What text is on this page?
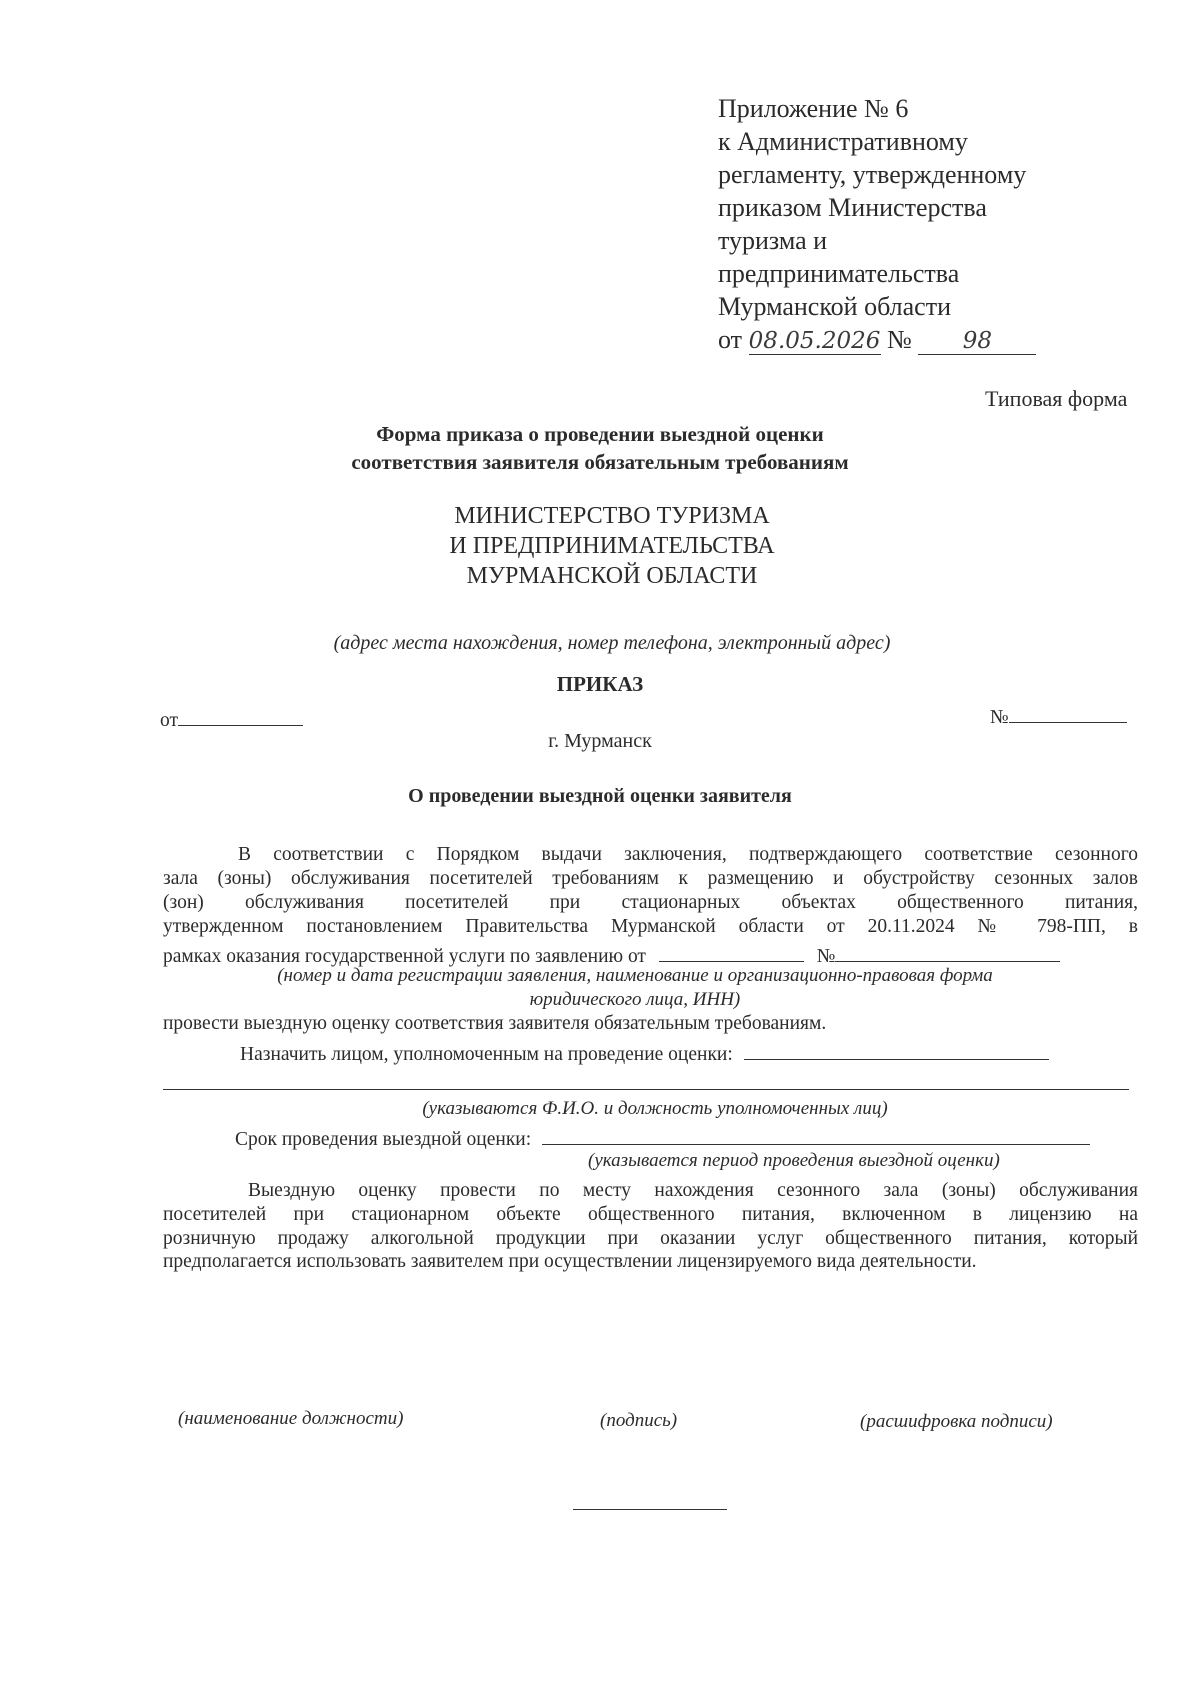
Приложение № 6
к Административному
регламенту, утвержденному
приказом Министерства
туризма и
предпринимательства
Мурманской области
от 08.05.2026 № 98
Типовая форма
Форма приказа о проведении выездной оценки
соответствия заявителя обязательным требованиям
МИНИСТЕРСТВО ТУРИЗМА
И ПРЕДПРИНИМАТЕЛЬСТВА
МУРМАНСКОЙ ОБЛАСТИ
(адрес места нахождения, номер телефона, электронный адрес)
ПРИКАЗ
от	№
г. Мурманск
О проведении выездной оценки заявителя
В соответствии с Порядком выдачи заключения, подтверждающего соответствие сезонного
зала (зоны) обслуживания посетителей требованиям к размещению и обустройству сезонных залов
(зон) обслуживания посетителей при стационарных объектах общественного питания,
утвержденном постановлением Правительства Мурманской области от 20.11.2024 № 798-ПП, в
рамках оказания государственной услуги по заявлению от	№
(номер и дата регистрации заявления, наименование и организационно-правовая форма
юридического лица, ИНН)
провести выездную оценку соответствия заявителя обязательным требованиям.
Назначить лицом, уполномоченным на проведение оценки:
(указываются Ф.И.О. и должность уполномоченных лиц)
Срок проведения выездной оценки:
(указывается период проведения выездной оценки)
Выездную оценку провести по месту нахождения сезонного зала (зоны) обслуживания
посетителей при стационарном объекте общественного питания, включенном в лицензию на
розничную продажу алкогольной продукции при оказании услуг общественного питания, который
предполагается использовать заявителем при осуществлении лицензируемого вида деятельности.
(наименование должности)	(подпись)	(расшифровка подписи)
